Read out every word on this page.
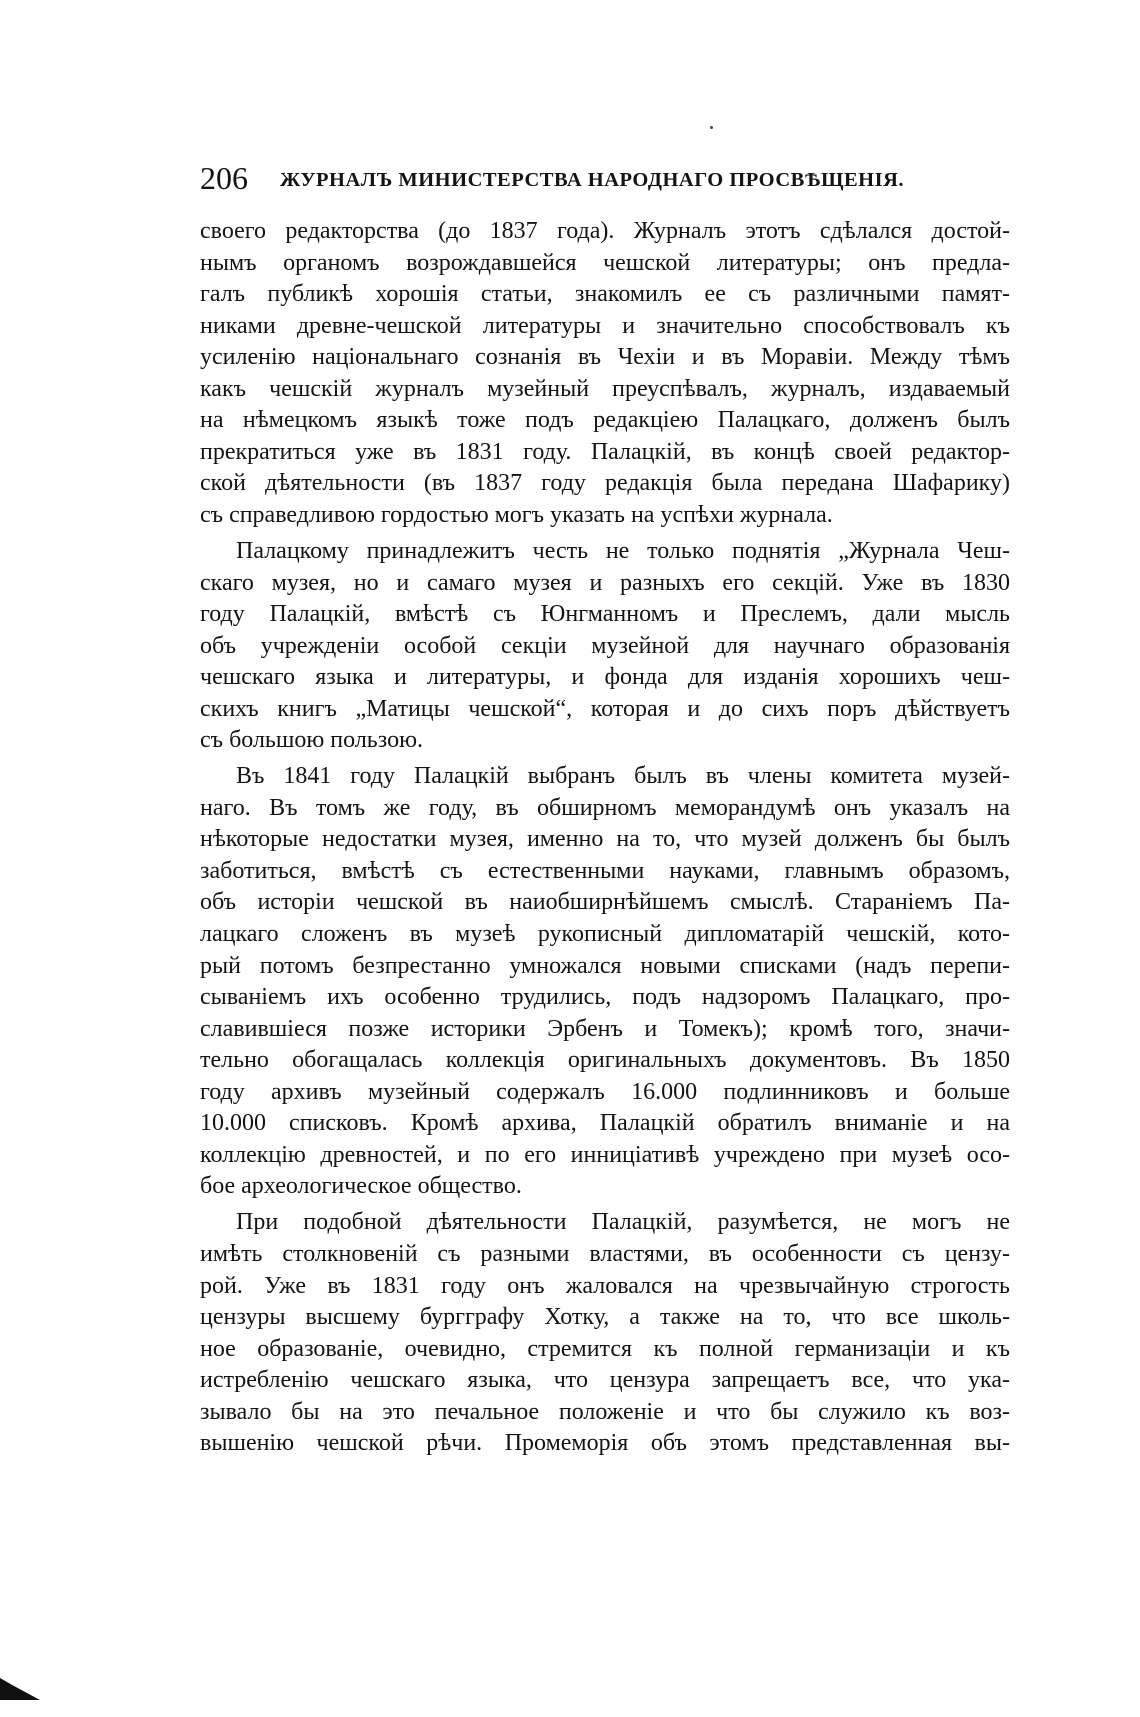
206 ЖУРНАЛЪ МИНИСТЕРСТВА НАРОДНАГО ПРОСВѢЩЕНІЯ.

своего редакторства (до 1837 года). Журналъ этотъ сдѣлался достой-
нымъ органомъ возрождавшейся чешской литературы; онъ предла-
галъ публикѣ хорошія статьи, знакомилъ ее съ различными памят-
никами древне-чешской литературы и значительно способствовалъ къ
усиленію національнаго сознанія въ Чехіи и въ Моравіи. Между тѣмъ
какъ чешскій журналъ музейный преуспѣвалъ, журналъ, издаваемый
на нѣмецкомъ языкѣ тоже подъ редакціею Палацкаго, долженъ былъ
прекратиться уже въ 1831 году. Палацкій, въ концѣ своей редактор-
ской дѣятельности (въ 1837 году редакція была передана Шафарику)
съ справедливою гордостью могъ указать на успѣхи журнала.

Палацкому принадлежитъ честь не только поднятія „Журнала Чеш-
скаго музея, но и самаго музея и разныхъ его секцій. Уже въ 1830
году Палацкій, вмѣстѣ съ Юнгманномъ и Преслемъ, дали мысль
объ учрежденіи особой секціи музейной для научнаго образованія
чешскаго языка и литературы, и фонда для изданія хорошихъ чеш-
скихъ книгъ „Матицы чешской“, которая и до сихъ поръ дѣйствуетъ
съ большою пользою.

Въ 1841 году Палацкій выбранъ былъ въ члены комитета музей-
наго. Въ томъ же году, въ обширномъ меморандумѣ онъ указалъ на
нѣкоторые недостатки музея, именно на то, что музей долженъ бы былъ
заботиться, вмѣстѣ съ естественными науками, главнымъ образомъ,
объ исторіи чешской въ наиобширнѣйшемъ смыслѣ. Стараніемъ Па-
лацкаго сложенъ въ музеѣ рукописный дипломатарій чешскій, кото-
рый потомъ безпрестанно умножался новыми списками (надъ перепи-
сываніемъ ихъ особенно трудились, подъ надзоромъ Палацкаго, про-
славившіеся позже историки Эрбенъ и Томекъ); кромѣ того, значи-
тельно обогащалась коллекція оригинальныхъ документовъ. Въ 1850
году архивъ музейный содержалъ 16.000 подлинниковъ и больше
10.000 списковъ. Кромѣ архива, Палацкій обратилъ вниманіе и на
коллекцію древностей, и по его инниціативѣ учреждено при музеѣ осо-
бое археологическое общество.

При подобной дѣятельности Палацкій, разумѣется, не могъ не
имѣть столкновеній съ разными властями, въ особенности съ цензу-
рой. Уже въ 1831 году онъ жаловался на чрезвычайную строгость
цензуры высшему бургграфу Хотку, а также на то, что все школь-
ное образованіе, очевидно, стремится къ полной германизаціи и къ
истребленію чешскаго языка, что цензура запрещаетъ все, что ука-
зывало бы на это печальное положеніе и что бы служило къ воз-
вышенію чешской рѣчи. Промеморія объ этомъ представленная вы-
